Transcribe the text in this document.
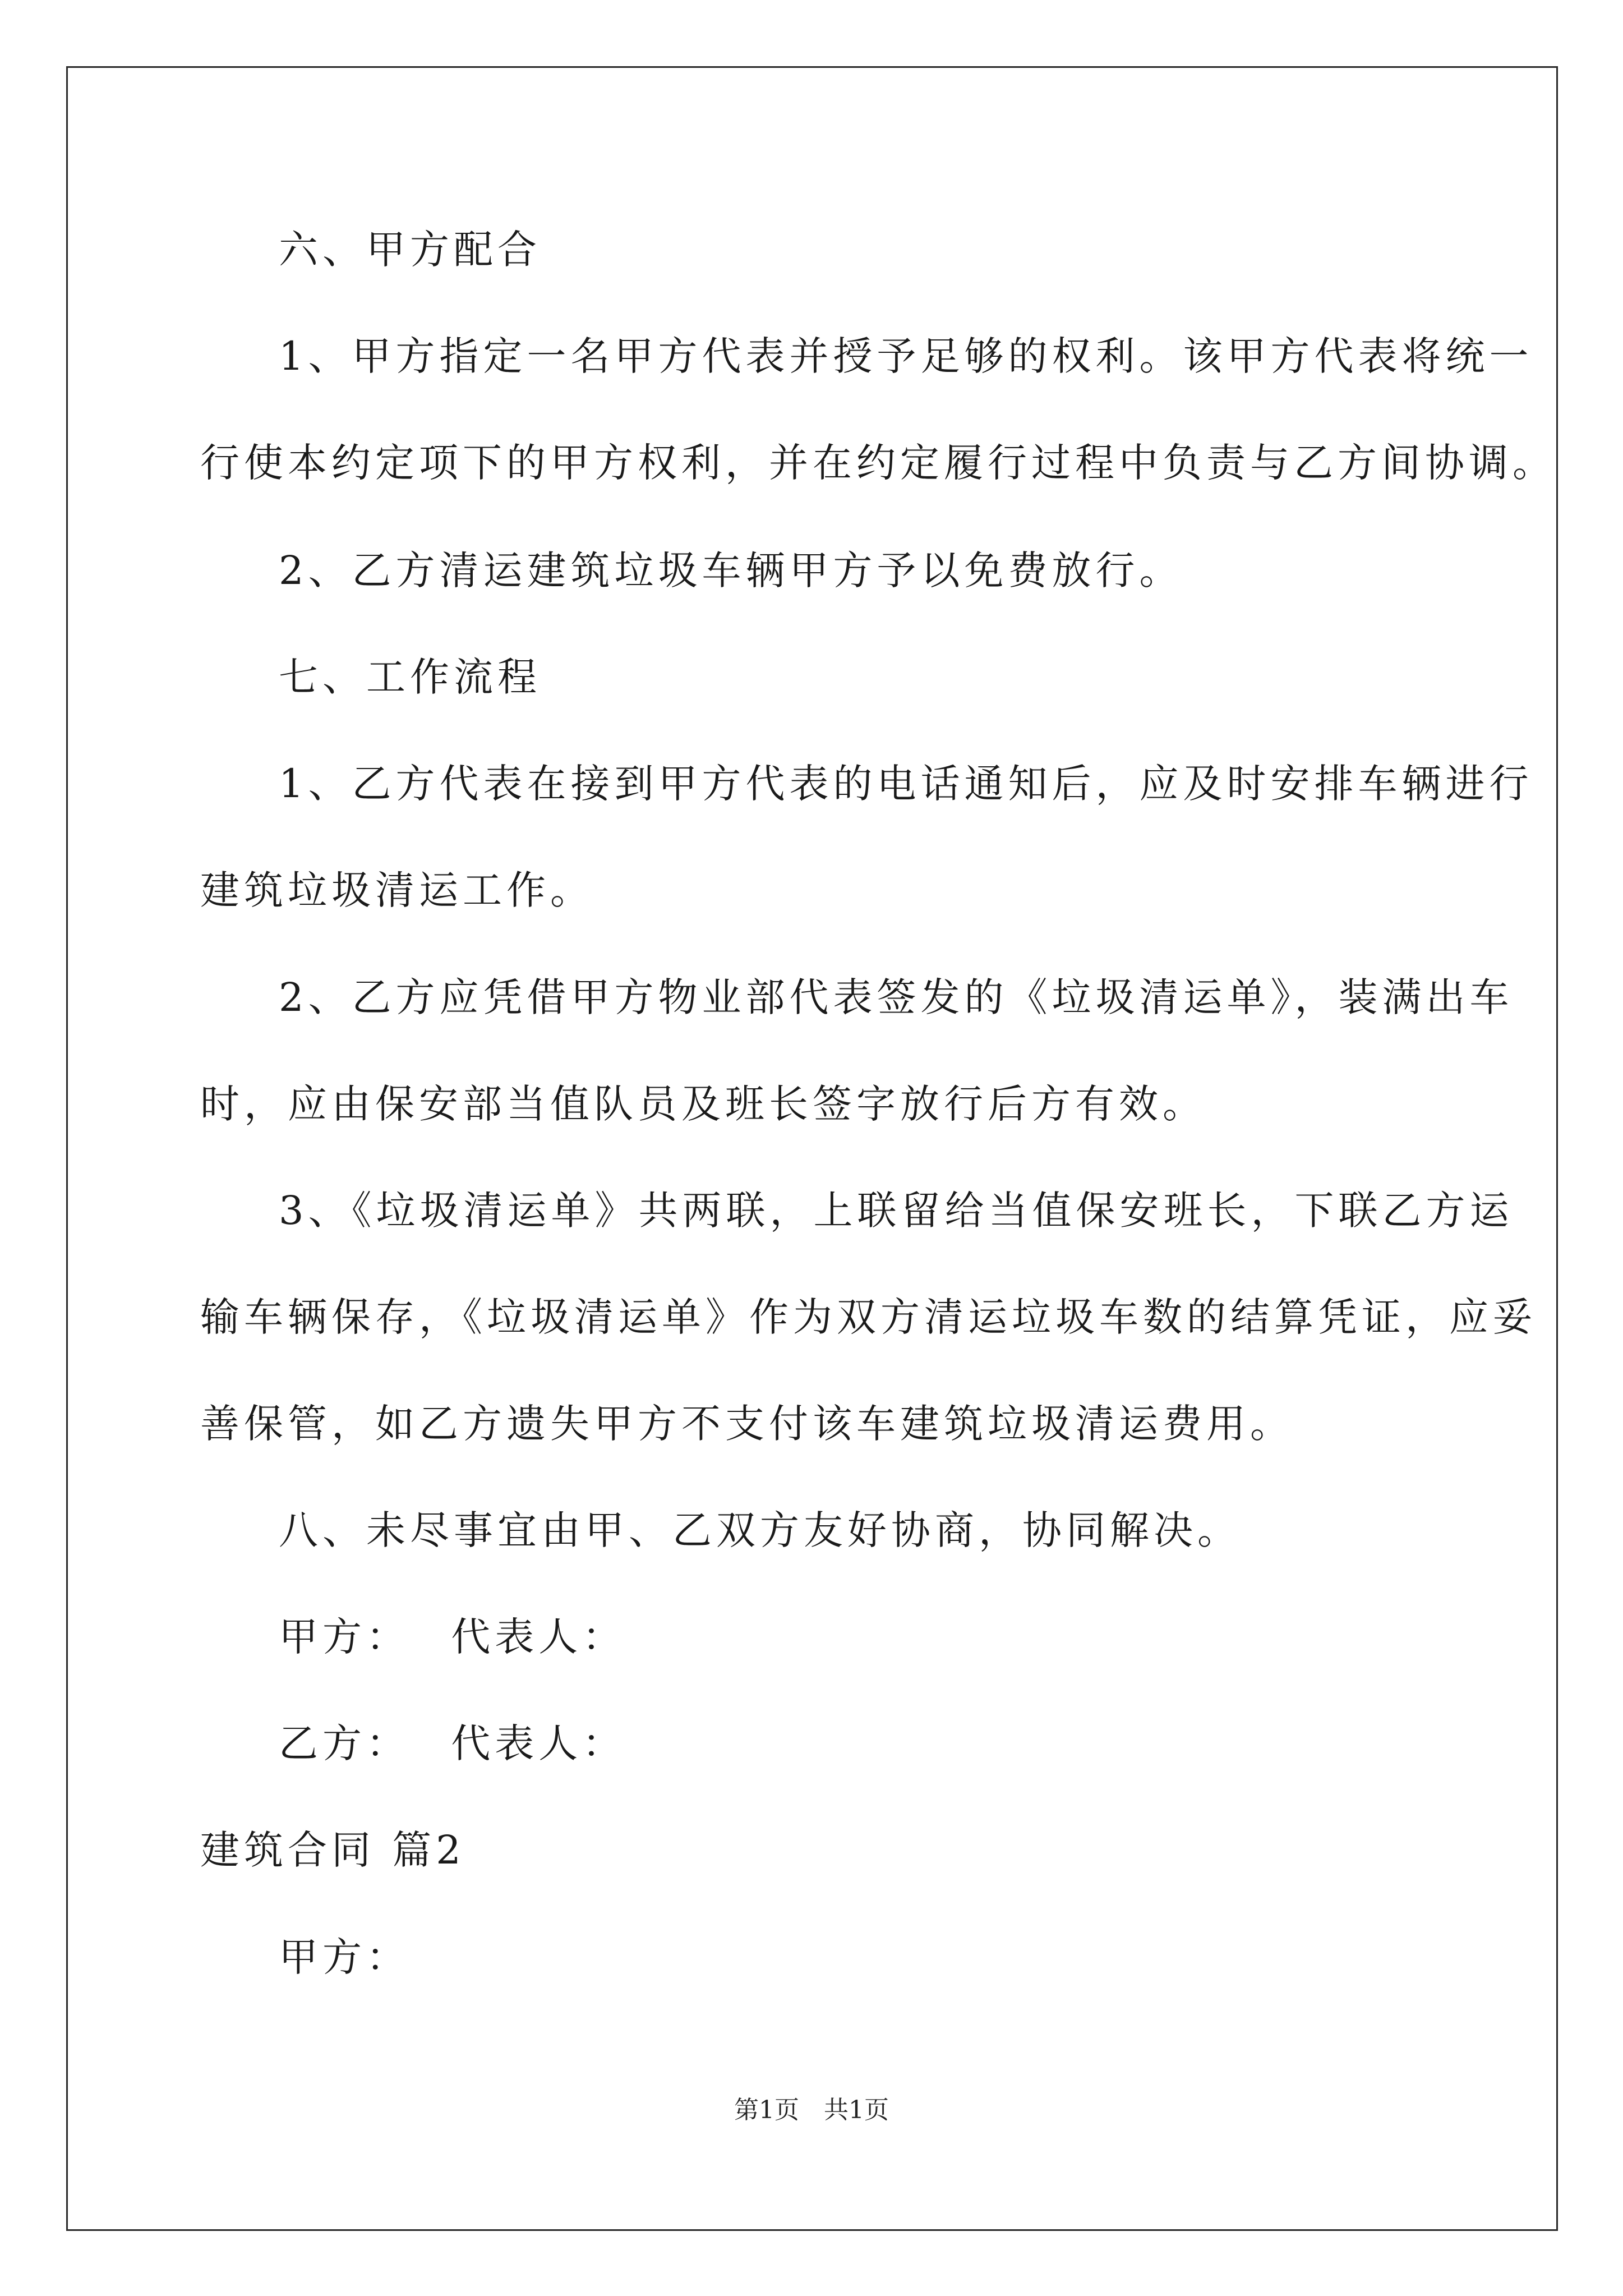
六、甲方配合
1、甲方指定一名甲方代表并授予足够的权利。该甲方代表将统一
行使本约定项下的甲方权利，并在约定履行过程中负责与乙方间协调。
2、乙方清运建筑垃圾车辆甲方予以免费放行。
七、工作流程
1、乙方代表在接到甲方代表的电话通知后，应及时安排车辆进行
建筑垃圾清运工作。
2、乙方应凭借甲方物业部代表签发的《垃圾清运单》，装满出车
时，应由保安部当值队员及班长签字放行后方有效。
3、《垃圾清运单》共两联，上联留给当值保安班长，下联乙方运
输车辆保存，《垃圾清运单》作为双方清运垃圾车数的结算凭证，应妥
善保管，如乙方遗失甲方不支付该车建筑垃圾清运费用。
八、未尽事宜由甲、乙双方友好协商，协同解决。
甲方：　 代表人：
乙方：　 代表人：
建筑合同 篇2
甲方：
第1页　共1页
